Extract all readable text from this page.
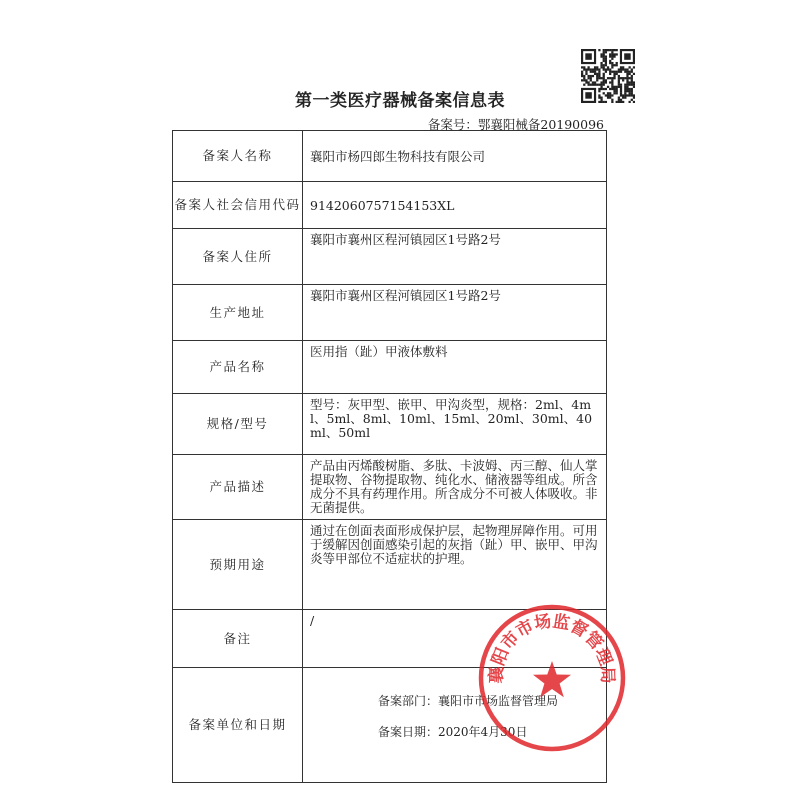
第一类医疗器械备案信息表
备案号：鄂襄阳械备20190096
备案人名称	襄阳市杨四郎生物科技有限公司
备案人社会信用代码	9142060757154153XL
备案人住所	襄阳市襄州区程河镇园区1号路2号
生产地址	襄阳市襄州区程河镇园区1号路2号
产品名称	医用指（趾）甲液体敷料
规格/型号	型号：灰甲型、嵌甲、甲沟炎型，规格：2ml、4ml、5ml、8ml、10ml、15ml、20ml、30ml、40ml、50ml
产品描述	产品由丙烯酸树脂、多肽、卡波姆、丙三醇、仙人掌提取物、谷物提取物、纯化水、储液器等组成。所含成分不具有药理作用。所含成分不可被人体吸收。非无菌提供。
预期用途	通过在创面表面形成保护层，起物理屏障作用。可用于缓解因创面感染引起的灰指（趾）甲、嵌甲、甲沟炎等甲部位不适症状的护理。
备注	/
备案单位和日期	备案部门：襄阳市市场监督管理局
备案日期：2020年4月30日
襄阳市市场监督管理局
